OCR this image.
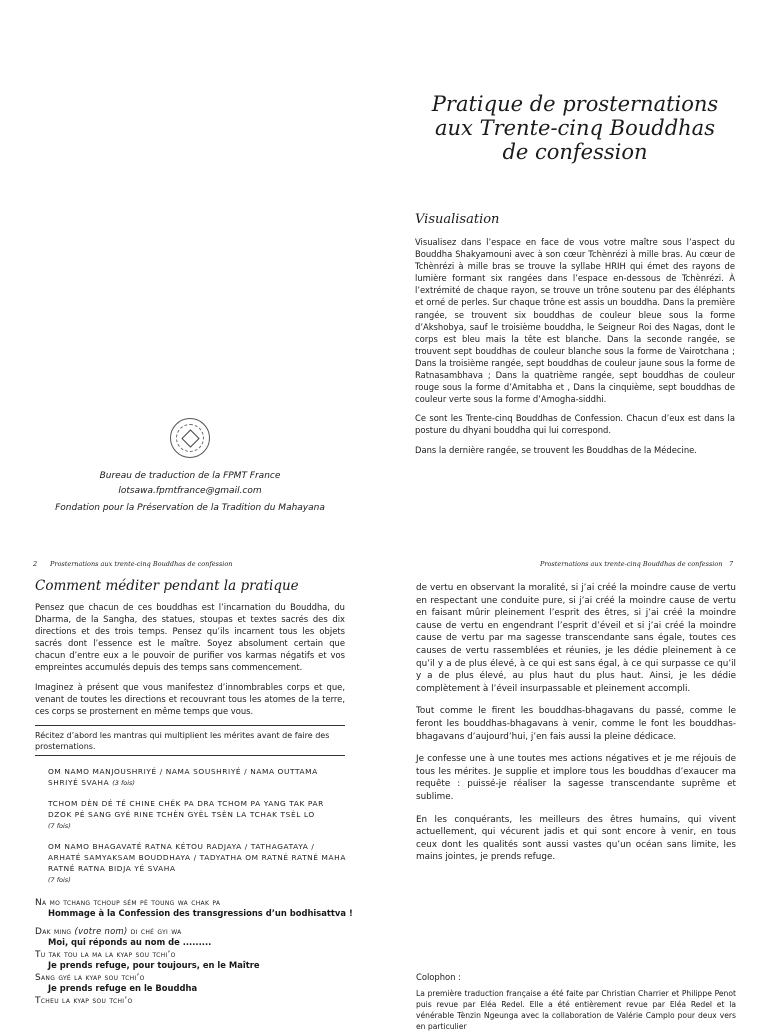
Pratique de prosternations
aux Trente-cinq Bouddhas
de confession
Visualisation

Visualisez dans l’espace en face de vous votre maître sous l’aspect du Bouddha Shakyamouni avec à son cœur Tchènrézi à mille bras. Au cœur de Tchènrézi à mille bras se trouve la syllabe HRIH qui émet des rayons de lumière formant six rangées dans l’espace en-dessous de Tchènrézi. À l’extrémité de chaque rayon, se trouve un trône soutenu par des éléphants et orné de perles. Sur chaque trône est assis un bouddha. Dans la première rangée, se trouvent six bouddhas de couleur bleue sous la forme d’Akshobya, sauf le troisième bouddha, le Seigneur Roi des Nagas, dont le corps est bleu mais la tête est blanche. Dans la seconde rangée, se trouvent sept bouddhas de couleur blanche sous la forme de Vairotchana ; Dans la troisième rangée, sept bouddhas de couleur jaune sous la forme de Ratnasambhava ; Dans la quatrième rangée, sept bouddhas de couleur rouge sous la forme d’Amitabha et , Dans la cinquième, sept bouddhas de couleur verte sous la forme d’Amogha-siddhi.

Ce sont les Trente-cinq Bouddhas de Confession. Chacun d’eux est dans la posture du dhyani bouddha qui lui correspond.

Dans la dernière rangée, se trouvent les Bouddhas de la Médecine.

Bureau de traduction de la FPMT France
lotsawa.fpmtfrance@gmail.com
Fondation pour la Préservation de la Tradition du Mahayana
2 Prosternations aux trente-cinq Bouddhas de confession
Comment méditer pendant la pratique

Pensez que chacun de ces bouddhas est l’incarnation du Bouddha, du Dharma, de la Sangha, des statues, stoupas et textes sacrés des dix directions et des trois temps. Pensez qu’ils incarnent tous les objets sacrés dont l’essence est le maître. Soyez absolument certain que chacun d’entre eux a le pouvoir de purifier vos karmas négatifs et vos empreintes accumulés depuis des temps sans commencement.

Imaginez à présent que vous manifestez d’innombrables corps et que, venant de toutes les directions et recouvrant tous les atomes de la terre, ces corps se prosternent en même temps que vous.

Récitez d’abord les mantras qui multiplient les mérites avant de faire des prosternations.
OM NAMO MANJOUSHRIYÉ / NAMA SOUSHRIYÉ / NAMA OUTTAMA SHRIYÉ SVAHA (3 fois)
TCHOM DÈN DÉ TÉ CHINE CHÉK PA DRA TCHOM PA YANG TAK PAR DZOK PÉ SANG GYÉ RINE TCHÈN GYÈL TSÈN LA TCHAK TSÈL LO
(7 fois)
OM NAMO BHAGAVATÉ RATNA KÉTOU RADJAYA / TATHAGATAYA / ARHATÉ SAMYAKSAM BOUDDHAYA / TADYATHA OM RATNÉ RATNÉ MAHA RATNÉ RATNA BIDJA YÉ SVAHA
(7 fois)
Na mo tchang tchoup sém pè toung wa chak pa
Hommage à la Confession des transgressions d’un bodhisattva !
Dak ming (votre nom) di ché gyi wa
Moi, qui réponds au nom de .........
Tu tak tou la ma la kyap sou tchi’o
Je prends refuge, pour toujours, en le Maître
Sang gyé la kyap sou tchi’o
Je prends refuge en le Bouddha
Tcheu la kyap sou tchi’o
Prosternations aux trente-cinq Bouddhas de confession 7

de vertu en observant la moralité, si j’ai créé la moindre cause de vertu en respectant une conduite pure, si j’ai créé la moindre cause de vertu en faisant mûrir pleinement l’esprit des êtres, si j’ai créé la moindre cause de vertu en engendrant l’esprit d’éveil et si j’ai créé la moindre cause de vertu par ma sagesse transcendante sans égale, toutes ces causes de vertu rassemblées et réunies, je les dédie pleinement à ce qu’il y a de plus élevé, à ce qui est sans égal, à ce qui surpasse ce qu’il y a de plus élevé, au plus haut du plus haut. Ainsi, je les dédie complètement à l’éveil insurpassable et pleinement accompli.

Tout comme le firent les bouddhas-bhagavans du passé, comme le feront les bouddhas-bhagavans à venir, comme le font les bouddhas-bhagavans d’aujourd’hui, j’en fais aussi la pleine dédicace.

Je confesse une à une toutes mes actions négatives et je me réjouis de tous les mérites. Je supplie et implore tous les bouddhas d’exaucer ma requête : puissé-je réaliser la sagesse transcendante suprême et sublime.

En les conquérants, les meilleurs des êtres humains, qui vivent actuellement, qui vécurent jadis et qui sont encore à venir, en tous ceux dont les qualités sont aussi vastes qu’un océan sans limite, les mains jointes, je prends refuge.

Colophon :
La première traduction française a été faite par Christian Charrier et Philippe Penot puis revue par Eléa Redel. Elle a été entièrement revue par Eléa Redel et la vénérable Tènzin Ngeunga avec la collaboration de Valérie Camplo pour deux vers en particulier
